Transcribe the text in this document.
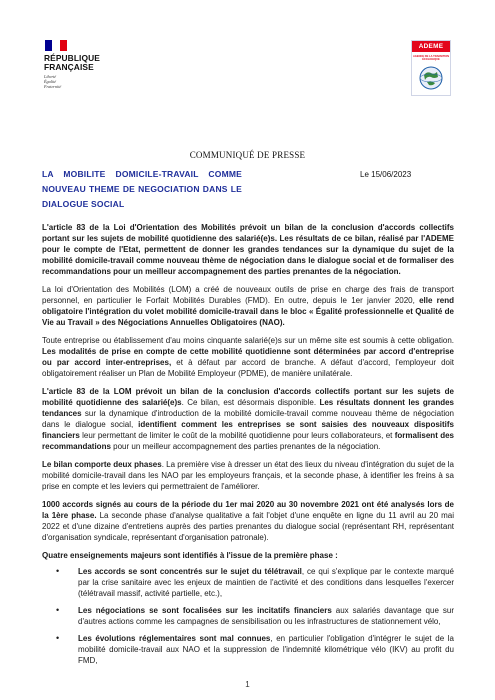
RÉPUBLIQUE
FRANÇAISE
Liberté
Égalité
Fraternité
ADEME
AGENCE DE LA TRANSITION ÉCOLOGIQUE
COMMUNIQUÉ DE PRESSE
LA MOBILITE DOMICILE-TRAVAIL COMME NOUVEAU THEME DE NEGOCIATION DANS LE DIALOGUE SOCIAL
Le 15/06/2023

L'article 83 de la Loi d'Orientation des Mobilités prévoit un bilan de la conclusion d'accords collectifs portant sur les sujets de mobilité quotidienne des salarié(e)s. Les résultats de ce bilan, réalisé par l'ADEME pour le compte de l'Etat, permettent de donner les grandes tendances sur la dynamique du sujet de la mobilité domicile-travail comme nouveau thème de négociation dans le dialogue social et de formaliser des recommandations pour un meilleur accompagnement des parties prenantes de la négociation.

La loi d'Orientation des Mobilités (LOM) a créé de nouveaux outils de prise en charge des frais de transport personnel, en particulier le Forfait Mobilités Durables (FMD). En outre, depuis le 1er janvier 2020, elle rend obligatoire l'intégration du volet mobilité domicile-travail dans le bloc « Égalité professionnelle et Qualité de Vie au Travail » des Négociations Annuelles Obligatoires (NAO).

Toute entreprise ou établissement d'au moins cinquante salarié(e)s sur un même site est soumis à cette obligation. Les modalités de prise en compte de cette mobilité quotidienne sont déterminées par accord d'entreprise ou par accord inter-entreprises, et à défaut par accord de branche. A défaut d'accord, l'employeur doit obligatoirement réaliser un Plan de Mobilité Employeur (PDME), de manière unilatérale.

L'article 83 de la LOM prévoit un bilan de la conclusion d'accords collectifs portant sur les sujets de mobilité quotidienne des salarié(e)s. Ce bilan, est désormais disponible. Les résultats donnent les grandes tendances sur la dynamique d'introduction de la mobilité domicile-travail comme nouveau thème de négociation dans le dialogue social, identifient comment les entreprises se sont saisies des nouveaux dispositifs financiers leur permettant de limiter le coût de la mobilité quotidienne pour leurs collaborateurs, et formalisent des recommandations pour un meilleur accompagnement des parties prenantes de la négociation.

Le bilan comporte deux phases. La première vise à dresser un état des lieux du niveau d'intégration du sujet de la mobilité domicile-travail dans les NAO par les employeurs français, et la seconde phase, à identifier les freins à sa prise en compte et les leviers qui permettraient de l'améliorer.

1000 accords signés au cours de la période du 1er mai 2020 au 30 novembre 2021 ont été analysés lors de la 1ère phase. La seconde phase d'analyse qualitative a fait l'objet d'une enquête en ligne du 11 avril au 20 mai 2022 et d'une dizaine d'entretiens auprès des parties prenantes du dialogue social (représentant RH, représentant d'organisation syndicale, représentant d'organisation patronale).

Quatre enseignements majeurs sont identifiés à l'issue de la première phase :

• Les accords se sont concentrés sur le sujet du télétravail, ce qui s'explique par le contexte marqué par la crise sanitaire avec les enjeux de maintien de l'activité et des conditions dans lesquelles l'exercer (télétravail massif, activité partielle, etc.),
• Les négociations se sont focalisées sur les incitatifs financiers aux salariés davantage que sur d'autres actions comme les campagnes de sensibilisation ou les infrastructures de stationnement vélo,
• Les évolutions réglementaires sont mal connues, en particulier l'obligation d'intégrer le sujet de la mobilité domicile-travail aux NAO et la suppression de l'indemnité kilométrique vélo (IKV) au profit du FMD,
1
